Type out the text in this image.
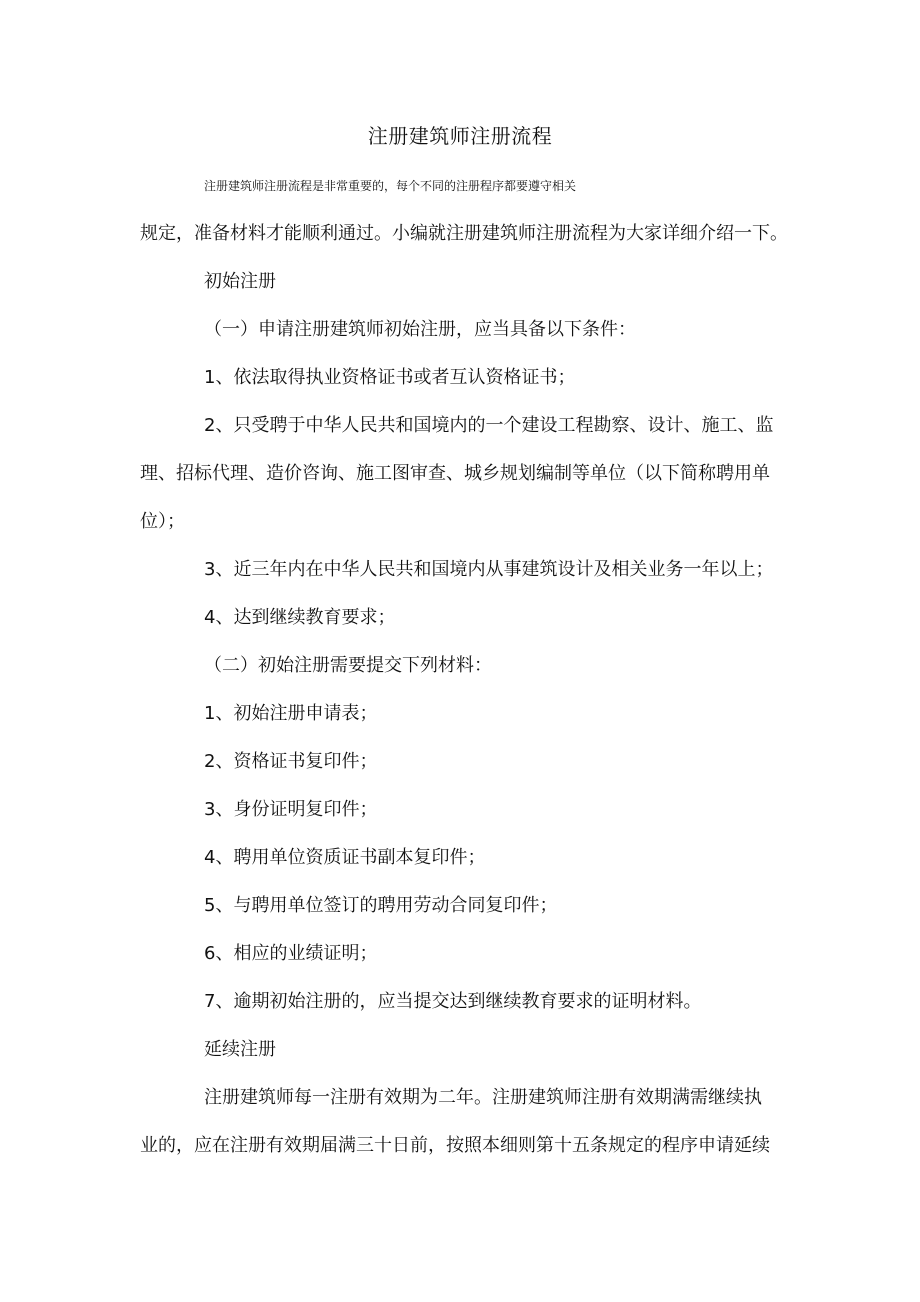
注册建筑师注册流程
注册建筑师注册流程是非常重要的，每个不同的注册程序都要遵守相关
规定，准备材料才能顺利通过。小编就注册建筑师注册流程为大家详细介绍一下。
初始注册
（一）申请注册建筑师初始注册，应当具备以下条件：
1、依法取得执业资格证书或者互认资格证书；
2、只受聘于中华人民共和国境内的一个建设工程勘察、设计、施工、监
理、招标代理、造价咨询、施工图审查、城乡规划编制等单位（以下简称聘用单
位）；
3、近三年内在中华人民共和国境内从事建筑设计及相关业务一年以上；
4、达到继续教育要求；
（二）初始注册需要提交下列材料：
1、初始注册申请表；
2、资格证书复印件；
3、身份证明复印件；
4、聘用单位资质证书副本复印件；
5、与聘用单位签订的聘用劳动合同复印件；
6、相应的业绩证明；
7、逾期初始注册的，应当提交达到继续教育要求的证明材料。
延续注册
注册建筑师每一注册有效期为二年。注册建筑师注册有效期满需继续执
业的，应在注册有效期届满三十日前，按照本细则第十五条规定的程序申请延续
